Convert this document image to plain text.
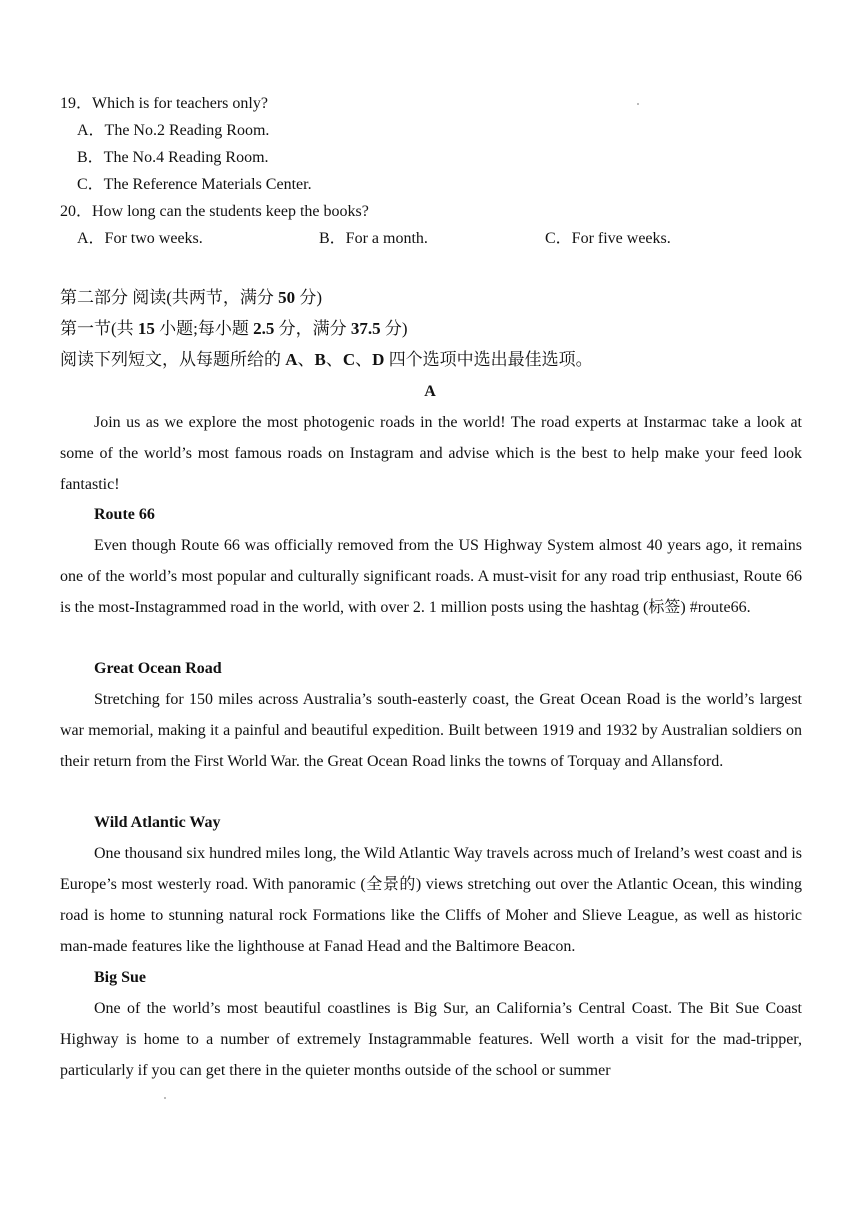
19．Which is for teachers only?
A．The No.2 Reading Room.
B．The No.4 Reading Room.
C．The Reference Materials Center.
20．How long can the students keep the books?
A．For two weeks.	B．For a month.	C．For five weeks.
第二部分 阅读(共两节，满分 50 分)
第一节(共 15 小题;每小题 2.5 分，满分 37.5 分)
阅读下列短文，从每题所给的 A、B、C、D 四个选项中选出最佳选项。
A

Join us as we explore the most photogenic roads in the world! The road experts at Instarmac take a look at some of the world’s most famous roads on Instagram and advise which is the best to help make your feed look fantastic!

Route 66

Even though Route 66 was officially removed from the US Highway System almost 40 years ago, it remains one of the world’s most popular and culturally significant roads. A must-visit for any road trip enthusiast, Route 66 is the most-Instagrammed road in the world, with over 2. 1 million posts using the hashtag (标签) #route66.

Great Ocean Road

Stretching for 150 miles across Australia’s south-easterly coast, the Great Ocean Road is the world’s largest war memorial, making it a painful and beautiful expedition. Built between 1919 and 1932 by Australian soldiers on their return from the First World War. the Great Ocean Road links the towns of Torquay and Allansford.

Wild Atlantic Way

One thousand six hundred miles long, the Wild Atlantic Way travels across much of Ireland’s west coast and is Europe’s most westerly road. With panoramic (全景的) views stretching out over the Atlantic Ocean, this winding road is home to stunning natural rock Formations like the Cliffs of Moher and Slieve League, as well as historic man-made features like the lighthouse at Fanad Head and the Baltimore Beacon.

Big Sue

One of the world’s most beautiful coastlines is Big Sur, an California’s Central Coast. The Bit Sue Coast Highway is home to a number of extremely Instagrammable features. Well worth a visit for the mad-tripper, particularly if you can get there in the quieter months outside of the school or summer
